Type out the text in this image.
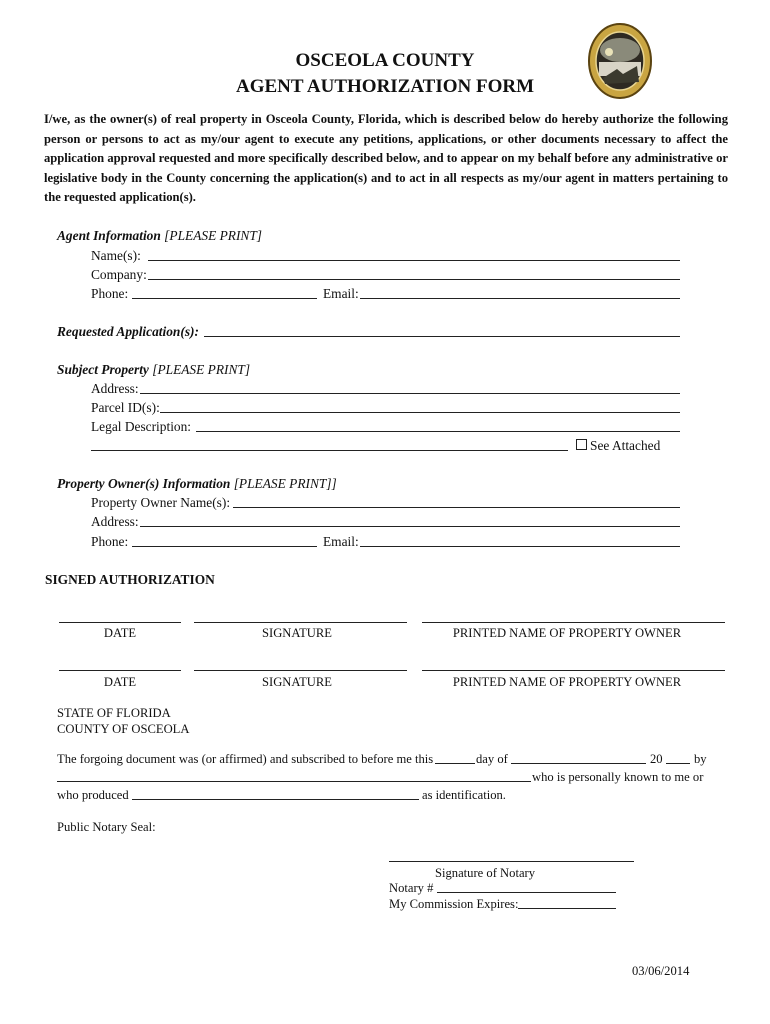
OSCEOLA COUNTY
AGENT AUTHORIZATION FORM
I/we, as the owner(s) of real property in Osceola County, Florida, which is described below do hereby authorize the following person or persons to act as my/our agent to execute any petitions, applications, or other documents necessary to affect the application approval requested and more specifically described below, and to appear on my behalf before any administrative or legislative body in the County concerning the application(s) and to act in all respects as my/our agent in matters pertaining to the requested application(s).
Agent Information [PLEASE PRINT]
Name(s):
Company:
Phone:	Email:
Requested Application(s):
Subject Property [PLEASE PRINT]
Address:
Parcel ID(s):
Legal Description:
See Attached
Property Owner(s) Information [PLEASE PRINT]]
Property Owner Name(s):
Address:
Phone:	Email:
SIGNED AUTHORIZATION
DATE	SIGNATURE	PRINTED NAME OF PROPERTY OWNER
DATE	SIGNATURE	PRINTED NAME OF PROPERTY OWNER
STATE OF FLORIDA
COUNTY OF OSCEOLA
The forgoing document was (or affirmed) and subscribed to before me this	day of	20 by
who is personally known to me or
who produced	as identification.
Public Notary Seal:
Signature of Notary
Notary #
My Commission Expires:
03/06/2014
